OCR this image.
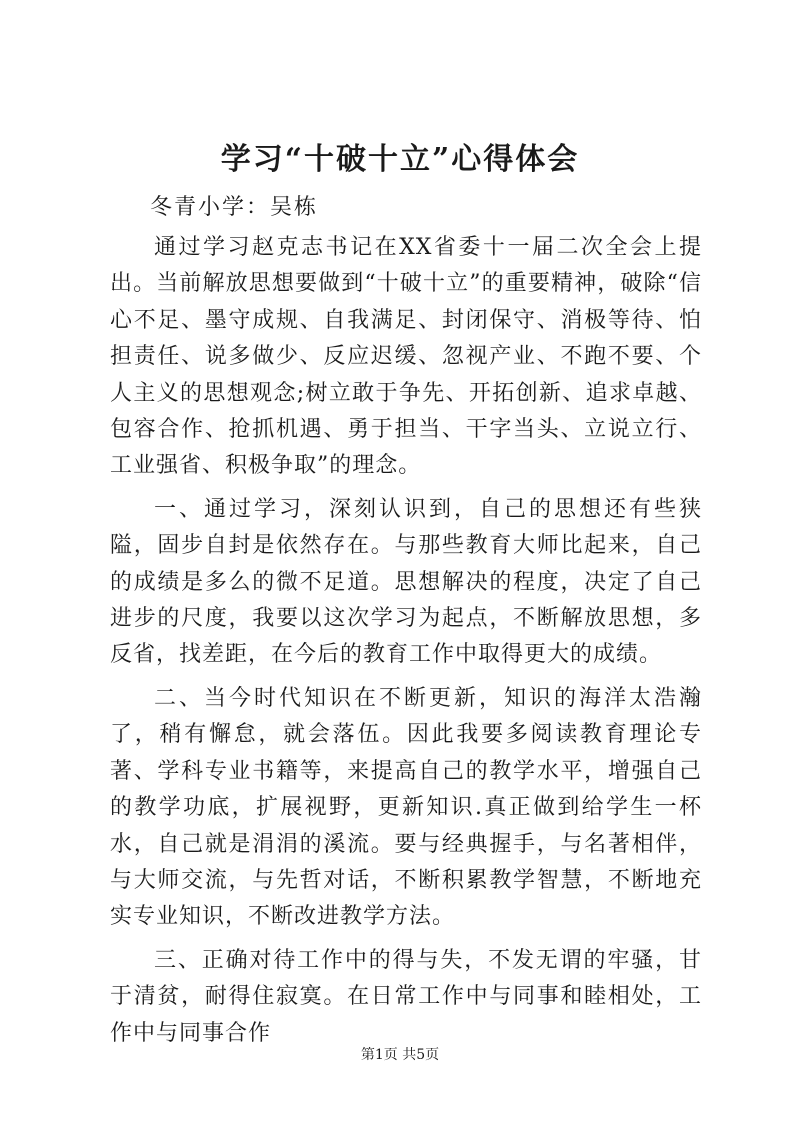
学习“十破十立”心得体会
冬青小学：吴栋

通过学习赵克志书记在XX省委十一届二次全会上提出。当前解放思想要做到“十破十立”的重要精神，破除“信心不足、墨守成规、自我满足、封闭保守、消极等待、怕担责任、说多做少、反应迟缓、忽视产业、不跑不要、个人主义的思想观念;树立敢于争先、开拓创新、追求卓越、包容合作、抢抓机遇、勇于担当、干字当头、立说立行、工业强省、积极争取”的理念。

一、通过学习，深刻认识到，自己的思想还有些狭隘，固步自封是依然存在。与那些教育大师比起来，自己的成绩是多么的微不足道。思想解决的程度，决定了自己进步的尺度，我要以这次学习为起点，不断解放思想，多反省，找差距，在今后的教育工作中取得更大的成绩。

二、当今时代知识在不断更新，知识的海洋太浩瀚了，稍有懈怠，就会落伍。因此我要多阅读教育理论专著、学科专业书籍等，来提高自己的教学水平，增强自己的教学功底，扩展视野，更新知识.真正做到给学生一杯水，自己就是涓涓的溪流。要与经典握手，与名著相伴，与大师交流，与先哲对话，不断积累教学智慧，不断地充实专业知识，不断改进教学方法。

三、正确对待工作中的得与失，不发无谓的牢骚，甘于清贫，耐得住寂寞。在日常工作中与同事和睦相处，工作中与同事合作

第1页 共5页
